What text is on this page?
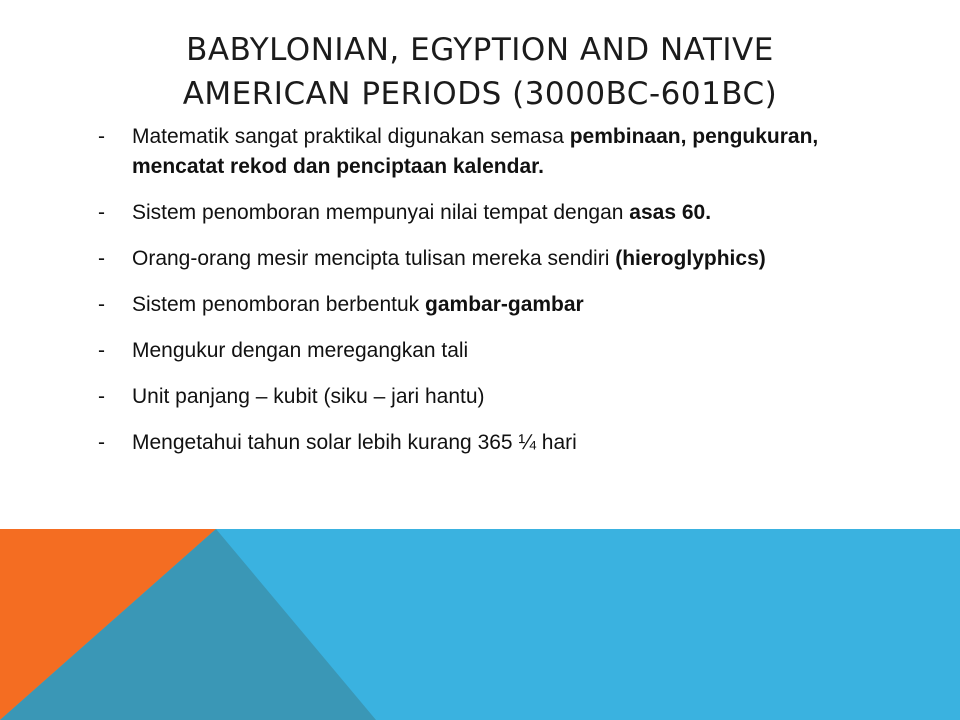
BABYLONIAN, EGYPTION AND NATIVE
AMERICAN PERIODS (3000BC-601BC)
-	Matematik sangat praktikal digunakan semasa pembinaan, pengukuran, mencatat rekod dan penciptaan kalendar.
-	Sistem penomboran mempunyai nilai tempat dengan asas 60.
-	Orang-orang mesir mencipta tulisan mereka sendiri (hieroglyphics)
-	Sistem penomboran berbentuk gambar-gambar
-	Mengukur dengan meregangkan tali
-	Unit panjang – kubit (siku – jari hantu)
-	Mengetahui tahun solar lebih kurang 365 ¼ hari
